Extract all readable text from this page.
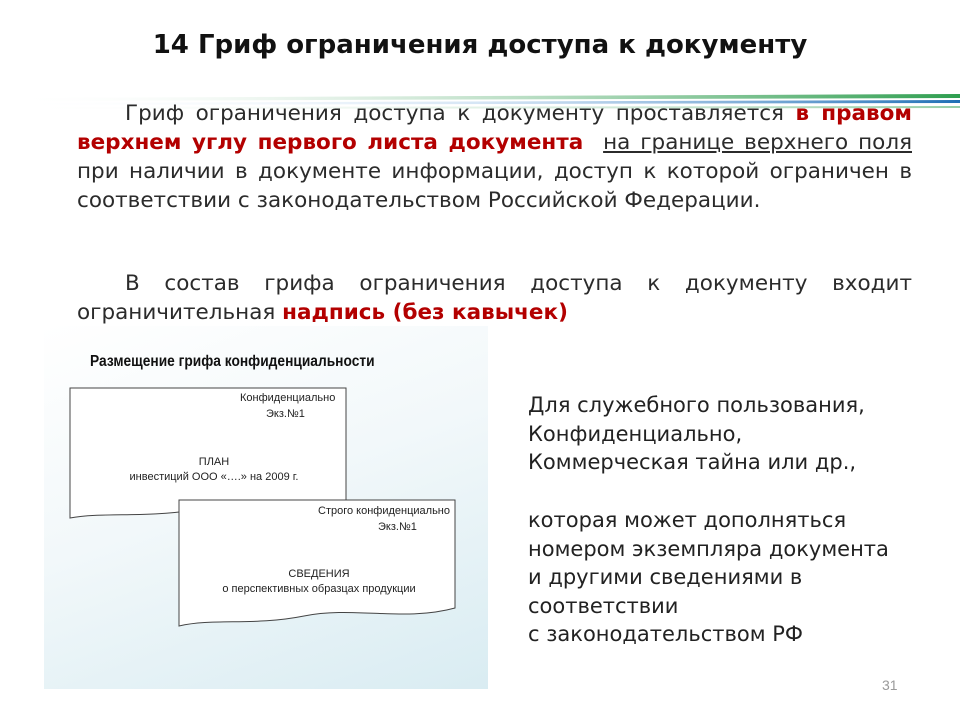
14 Гриф ограничения доступа к документу
Гриф ограничения доступа к документу проставляется в правом верхнем углу первого листа документа на границе верхнего поля при наличии в документе информации, доступ к которой ограничен в соответствии с законодательством Российской Федерации.
В состав грифа ограничения доступа к документу входит ограничительная надпись (без кавычек)
Размещение грифа конфиденциальности
Конфиденциально
Экз.№1
ПЛАН
инвестиций ООО «….» на 2009 г.
Строго конфиденциально
Экз.№1
СВЕДЕНИЯ
о перспективных образцах продукции
Для служебного пользования,
Конфиденциально,
Коммерческая тайна или др.,
которая может дополняться
номером экземпляра документа
и другими сведениями в
соответствии
с законодательством РФ
31
